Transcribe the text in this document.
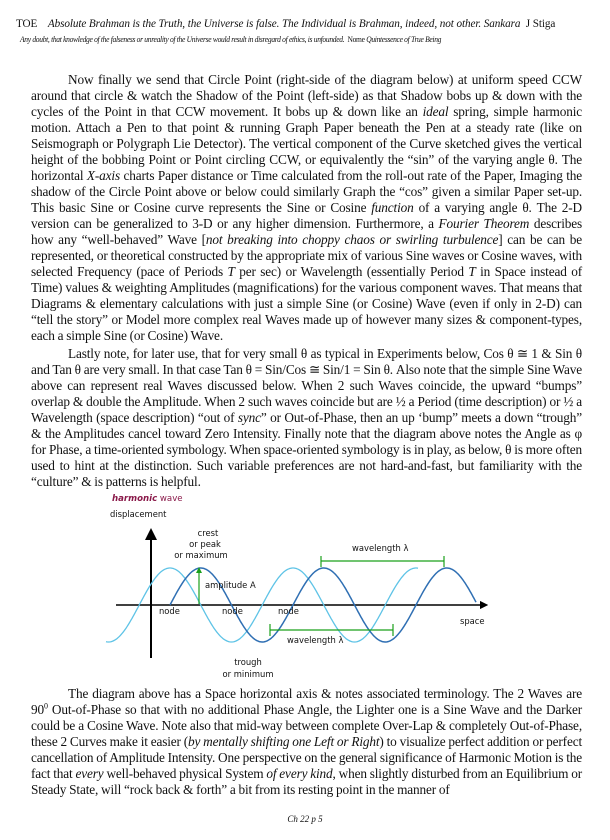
TOE Absolute Brahman is the Truth, the Universe is false. The Individual is Brahman, indeed, not other. Sankara J Stiga
Any doubt, that knowledge of the falseness or unreality of the Universe would result in disregard of ethics, is unfounded. Nome Quintessence of True Being
Now finally we send that Circle Point (right-side of the diagram below) at uniform speed CCW around that circle & watch the Shadow of the Point (left-side) as that Shadow bobs up & down with the cycles of the Point in that CCW movement. It bobs up & down like an ideal spring, simple harmonic motion. Attach a Pen to that point & running Graph Paper beneath the Pen at a steady rate (like on Seismograph or Polygraph Lie Detector). The vertical component of the Curve sketched gives the vertical height of the bobbing Point or Point circling CCW, or equivalently the “sin” of the varying angle θ. The horizontal X-axis charts Paper distance or Time calculated from the roll-out rate of the Paper, Imaging the shadow of the Circle Point above or below could similarly Graph the “cos” given a similar Paper set-up. This basic Sine or Cosine curve represents the Sine or Cosine function of a varying angle θ. The 2-D version can be generalized to 3-D or any higher dimension. Furthermore, a Fourier Theorem describes how any “well-behaved” Wave [not breaking into choppy chaos or swirling turbulence] can be can be represented, or theoretical constructed by the appropriate mix of various Sine waves or Cosine waves, with selected Frequency (pace of Periods T per sec) or Wavelength (essentially Period T in Space instead of Time) values & weighting Amplitudes (magnifications) for the various component waves. That means that Diagrams & elementary calculations with just a simple Sine (or Cosine) Wave (even if only in 2-D) can “tell the story” or Model more complex real Waves made up of however many sizes & component-types, each a simple Sine (or Cosine) Wave.
Lastly note, for later use, that for very small θ as typical in Experiments below, Cos θ ≅ 1 & Sin θ and Tan θ are very small. In that case Tan θ = Sin/Cos ≅ Sin/1 = Sin θ. Also note that the simple Sine Wave above can represent real Waves discussed below. When 2 such Waves coincide, the upward “bumps” overlap & double the Amplitude. When 2 such waves coincide but are ½ a Period (time description) or ½ a Wavelength (space description) “out of sync” or Out-of-Phase, then an up ‘bump” meets a down “trough” & the Amplitudes cancel toward Zero Intensity. Finally note that the diagram above notes the Angle as φ for Phase, a time-oriented symbology. When space-oriented symbology is in play, as below, θ is more often used to hint at the distinction. Such variable preferences are not hard-and-fast, but familiarity with the “culture” & is patterns is helpful.
harmonic wave
displacement
space
crest
or peak
or maximum
amplitude A
node	node	node
wavelength λ
wavelength λ
trough
or minimum
The diagram above has a Space horizontal axis & notes associated terminology. The 2 Waves are $90^0$ Out-of-Phase so that with no additional Phase Angle, the Lighter one is a Sine Wave and the Darker could be a Cosine Wave. Note also that mid-way between complete Over-Lap & completely Out-of-Phase, these 2 Curves make it easier (by mentally shifting one Left or Right) to visualize perfect addition or perfect cancellation of Amplitude Intensity. One perspective on the general significance of Harmonic Motion is the fact that every well-behaved physical System of every kind, when slightly disturbed from an Equilibrium or Steady State, will “rock back & forth” a bit from its resting point in the manner of
Ch 22 p 5
